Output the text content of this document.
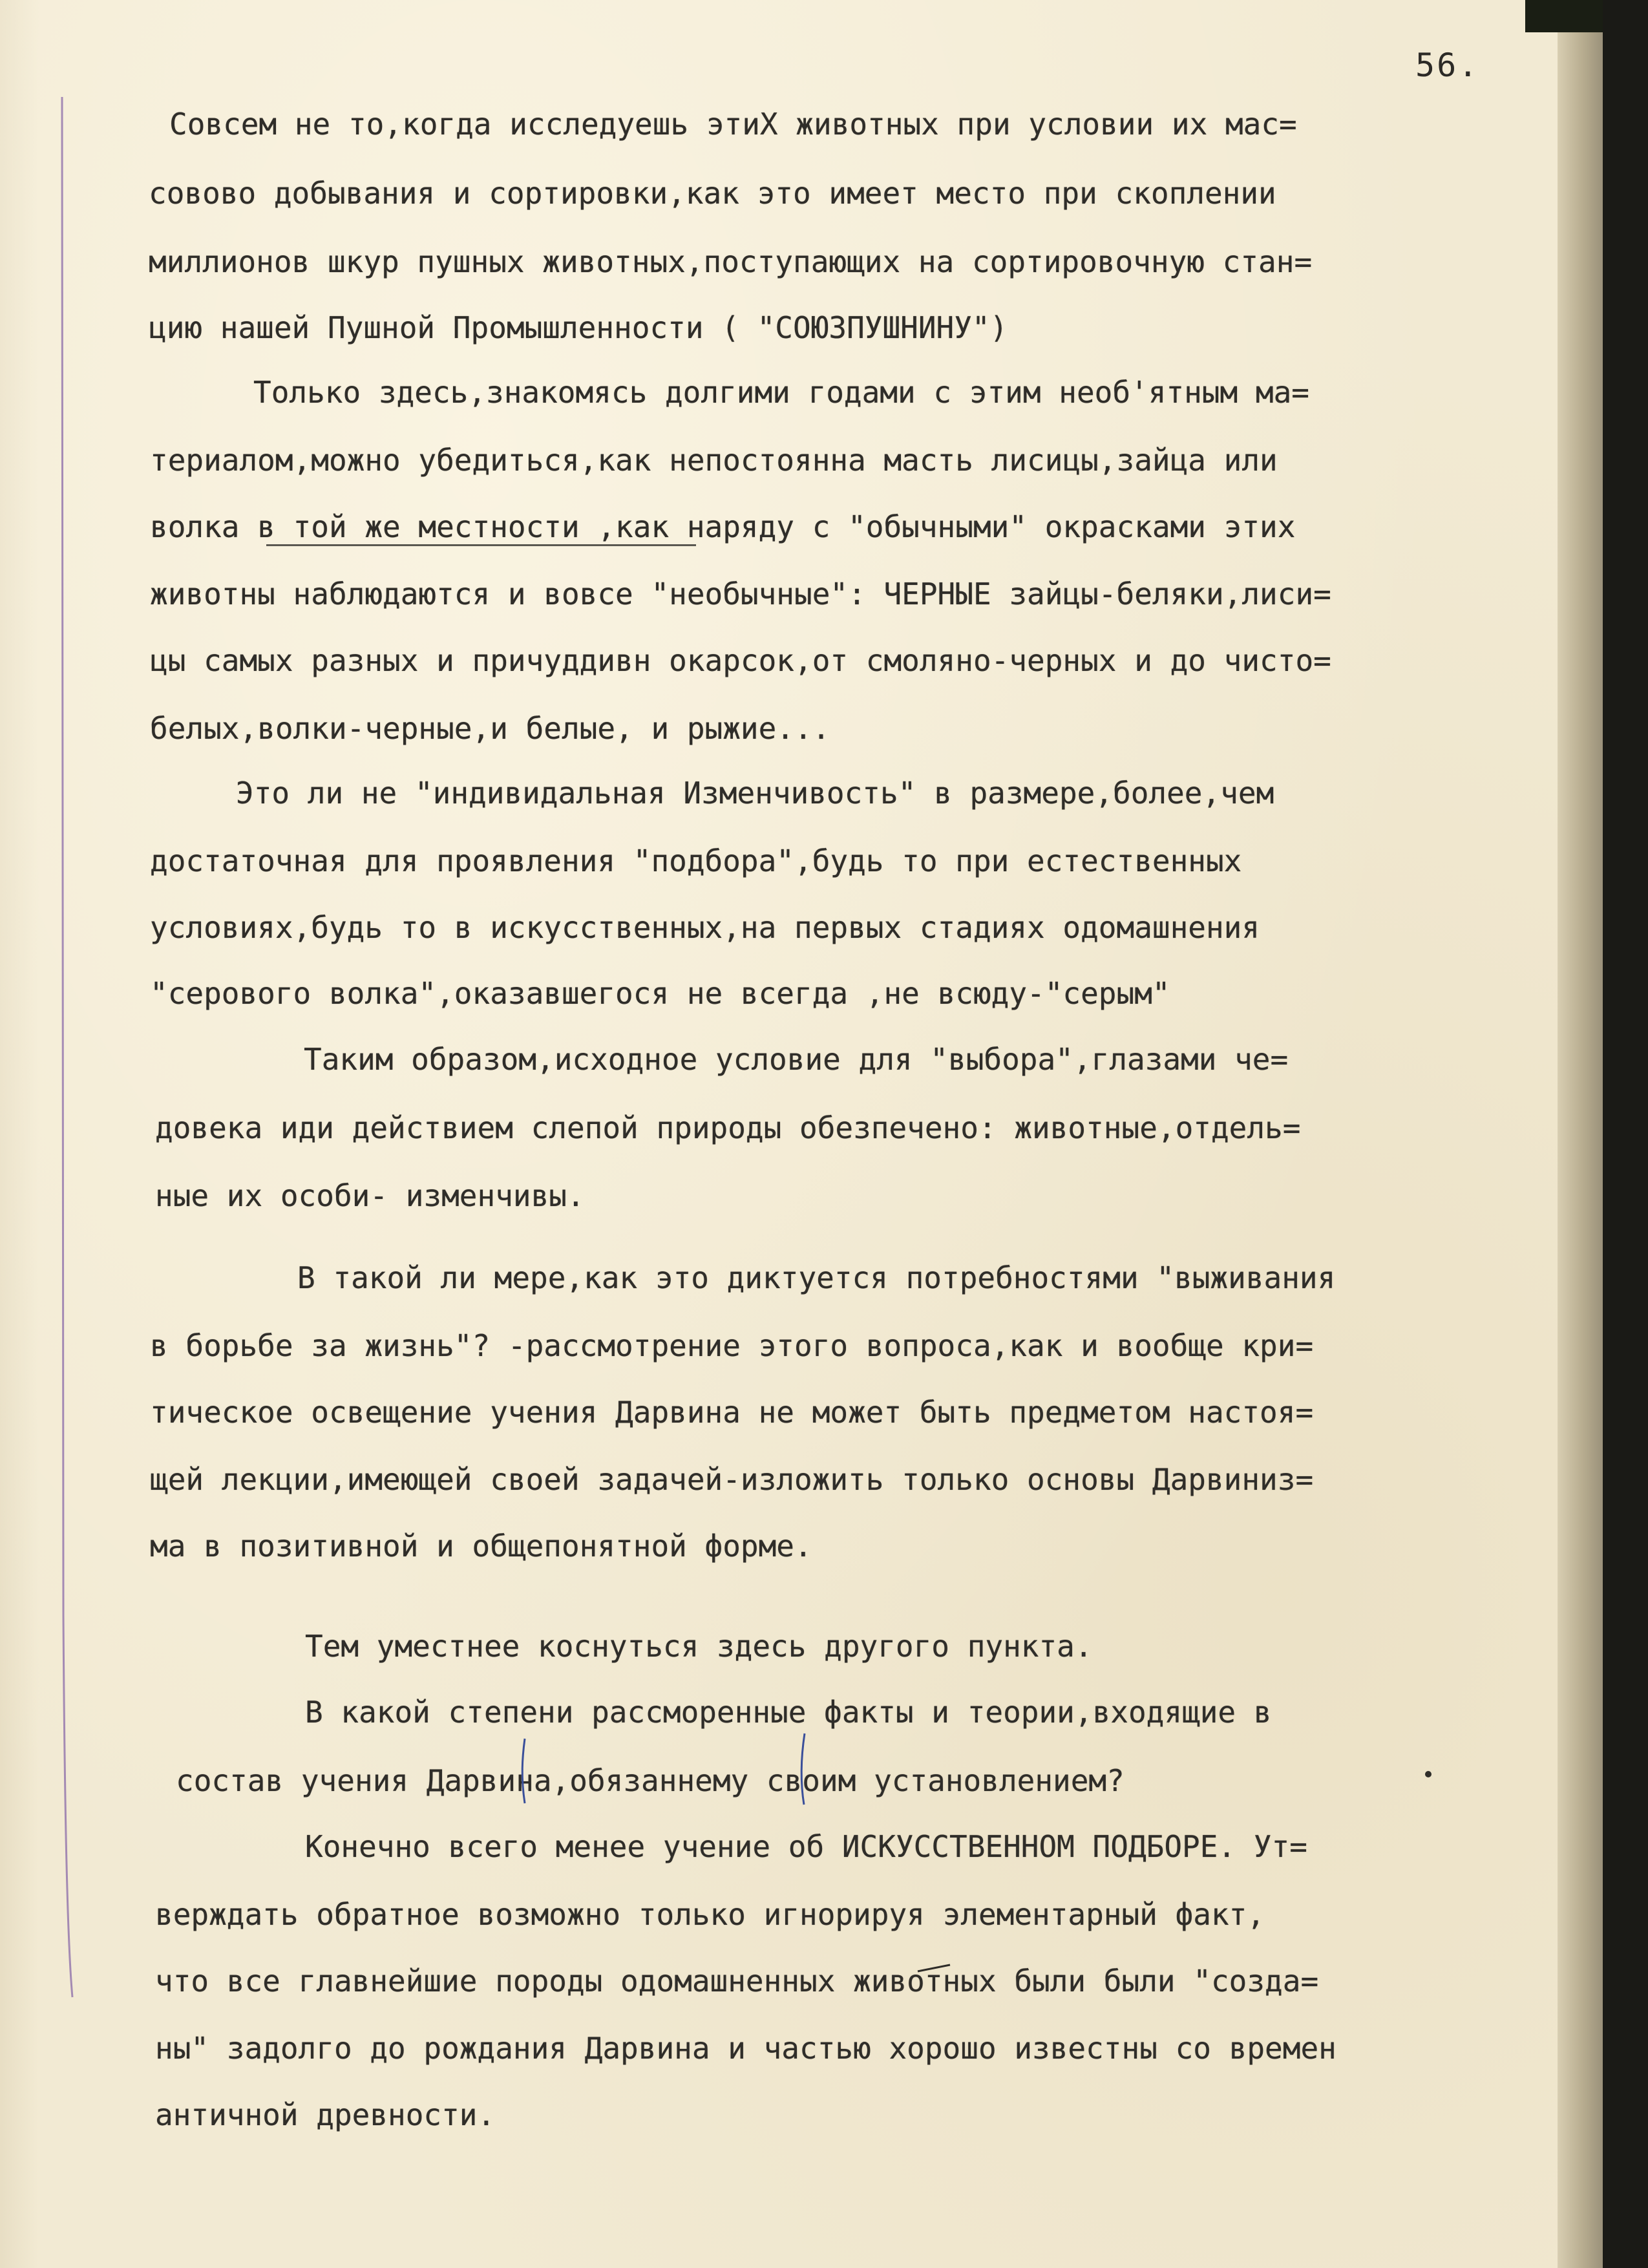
56.
Совсем не то,когда исследуешь этиХ животных при условии их мас=
совово добывания и сортировки,как это имеет место при скоплении
миллионов шкур пушных животных,поступающих на сортировочную стан=
цию нашей Пушной Промышленности ( "СОЮЗПУШНИНУ")
Только здесь,знакомясь долгими годами с этим необ'ятным ма=
териалом,можно убедиться,как непостоянна масть лисицы,зайца или
волка в той же местности ,как наряду с "обычными" окрасками этих
животны наблюдаются и вовсе "необычные": ЧЕРНЫЕ зайцы-беляки,лиси=
цы самых разных и причуддивн окарсок,от смоляно-черных и до чисто=
белых,волки-черные,и белые, и рыжие...
Это ли не "индивидальная Изменчивость" в размере,более,чем
достаточная для проявления "подбора",будь то при естественных
условиях,будь то в искусственных,на первых стадиях одомашнения
"серового волка",оказавшегося не всегда ,не всюду-"серым"
Таким образом,исходное условие для "выбора",глазами че=
довека иди действием слепой природы обезпечено: животные,отдель=
ные их особи- изменчивы.
В такой ли мере,как это диктуется потребностями "выживания
в борьбе за жизнь"? -рассмотрение этого вопроса,как и вообще кри=
тическое освещение учения Дарвина не может быть предметом настоя=
щей лекции,имеющей своей задачей-изложить только основы Дарвиниз=
ма в позитивной и общепонятной форме.
Тем уместнее коснуться здесь другого пункта.
В какой степени рассморенные факты и теории,входящие в
состав учения Дарвина,обязаннему своим установлением?
Конечно всего менее учение об ИСКУССТВЕННОМ ПОДБОРЕ. Ут=
верждать обратное возможно только игнорируя элементарный факт,
что все главнейшие породы одомашненных животных были были "созда=
ны" задолго до рождания Дарвина и частью хорошо известны со времен
античной древности.
